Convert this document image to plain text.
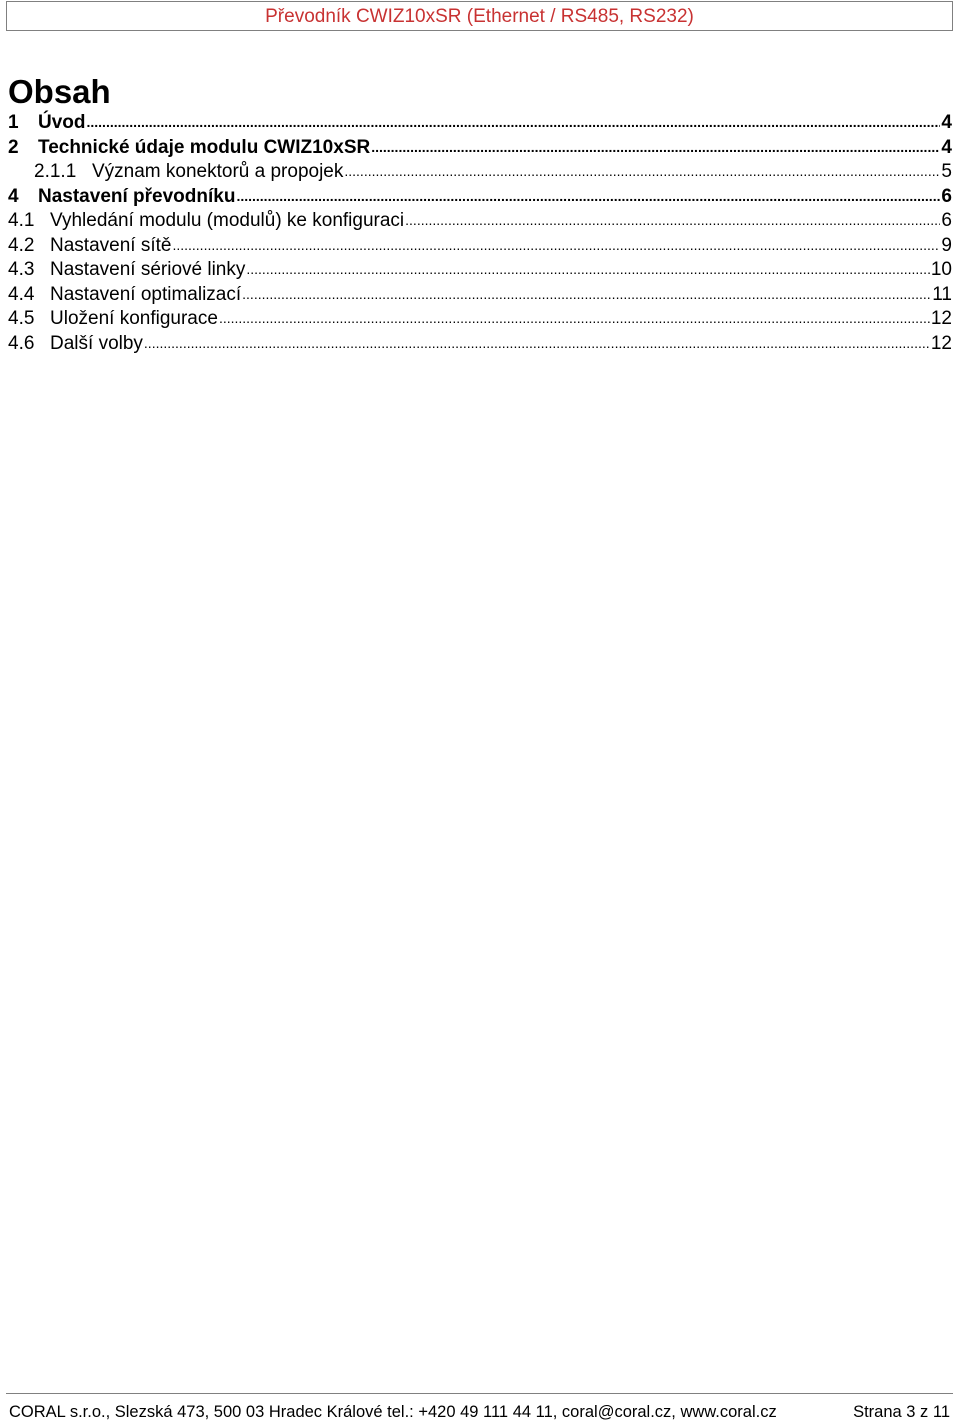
Převodník CWIZ10xSR (Ethernet / RS485, RS232)
Obsah
1	Úvod .....	4
2	Technické údaje modulu CWIZ10xSR .....	4
2.1.1 Význam konektorů a propojek .....	5
4	Nastavení převodníku .....	6
4.1 Vyhledání modulu (modulů) ke konfiguraci .....	6
4.2 Nastavení sítě .....	9
4.3 Nastavení sériové linky .....	10
4.4 Nastavení optimalizací .....	11
4.5 Uložení konfigurace .....	12
4.6 Další volby .....	12
CORAL s.r.o., Slezská 473, 500 03 Hradec Králové tel.: +420 49 111 44 11, coral@coral.cz, www.coral.cz	Strana 3 z 11
